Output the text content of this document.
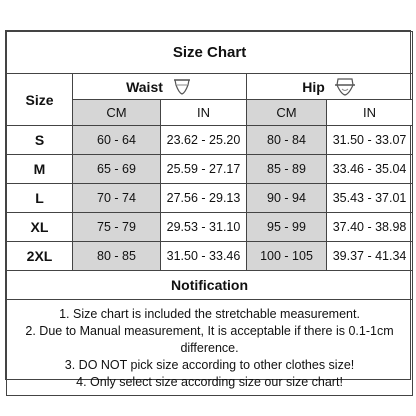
Size Chart				
Size	Waist		Hip	

	CM	IN	CM	IN
S	60 - 64	23.62 - 25.20	80 - 84	31.50 - 33.07
M	65 - 69	25.59 - 27.17	85 - 89	33.46 - 35.04
L	70 - 74	27.56 - 29.13	90 - 94	35.43 - 37.01
XL	75 - 79	29.53 - 31.10	95 - 99	37.40 - 38.98
2XL	80 - 85	31.50 - 33.46	100 - 105	39.37 - 41.34
Notification				

1. Size chart is included the stretchable measurement.
2. Due to Manual measurement, It is acceptable if there is 0.1-1cm difference.
3. DO NOT pick size according to other clothes size!
4. Only select size according size our size chart!				
